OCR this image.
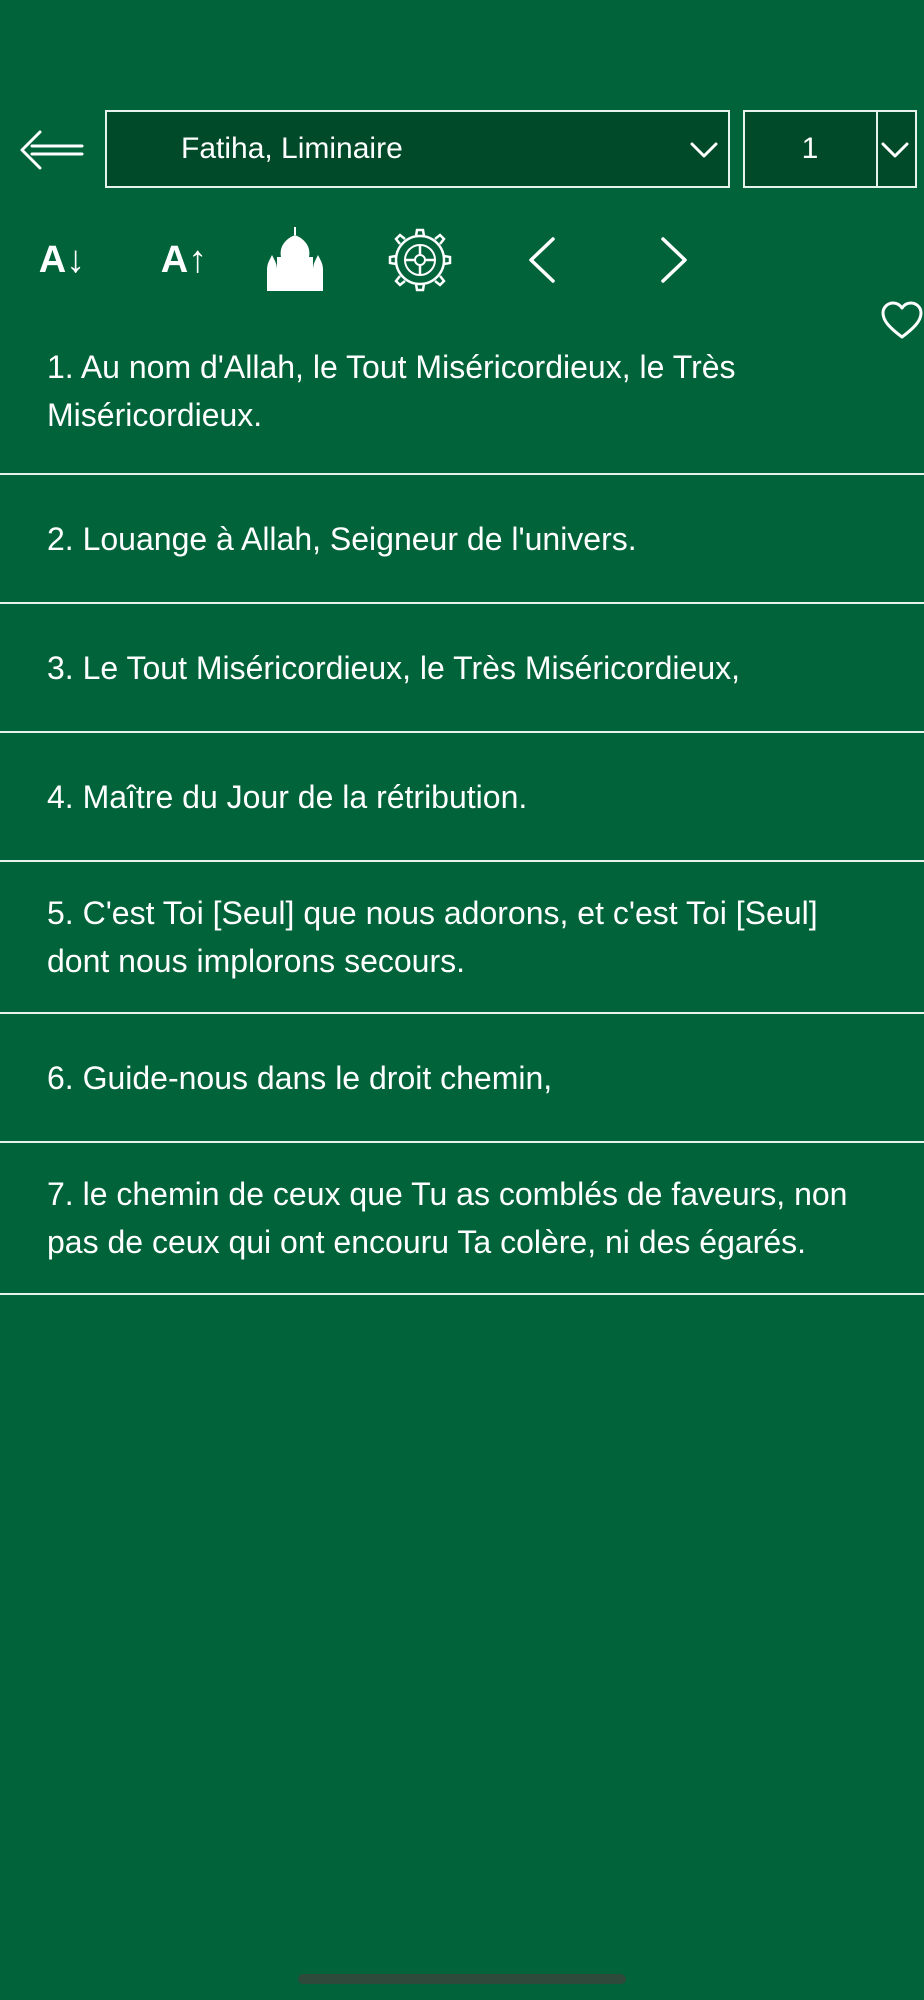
Fatiha, Liminaire	1
A↓ A↑
1. Au nom d'Allah, le Tout Miséricordieux, le Très Miséricordieux.
2. Louange à Allah, Seigneur de l'univers.
3. Le Tout Miséricordieux, le Très Miséricordieux,
4. Maître du Jour de la rétribution.
5. C'est Toi [Seul] que nous adorons, et c'est Toi [Seul] dont nous implorons secours.
6. Guide-nous dans le droit chemin,
7. le chemin de ceux que Tu as comblés de faveurs, non pas de ceux qui ont encouru Ta colère, ni des égarés.
